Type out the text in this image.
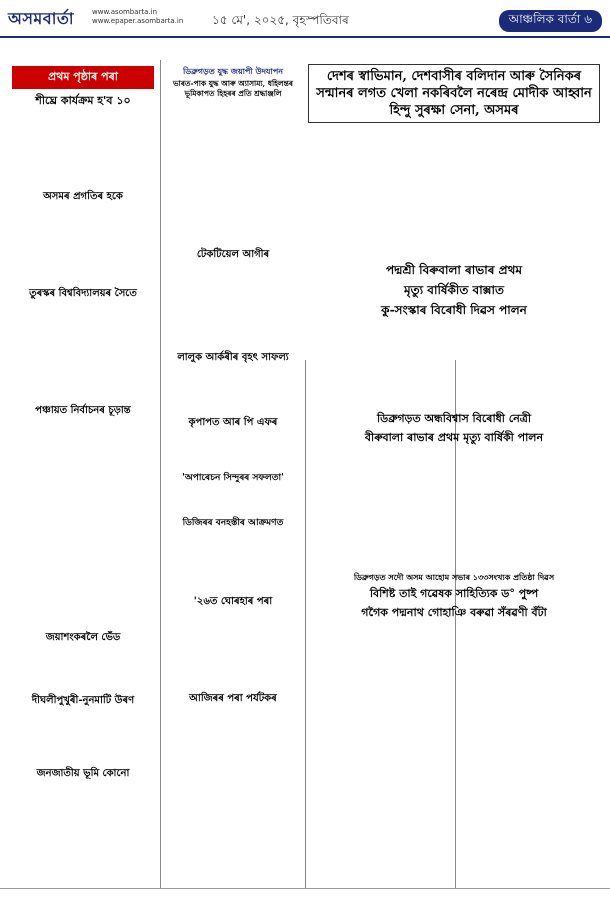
অসমবাৰ্তা	www.asombarta.in
www.epaper.asombarta.in ১৫ মে', ২০২৫, বৃহস্পতিবাৰ	আঞ্চলিক বাৰ্তা ৬
প্ৰথম পৃষ্ঠাৰ পৰা
শীঘ্ৰে কাৰ্যক্ৰম হ'ব ১০
অসমৰ প্ৰগতিৰ হকে
তুৰস্কৰ বিশ্ববিদ্যালয়ৰ সৈতে
পঞ্চায়ত নিৰ্বাচনৰ চূড়ান্ত
জয়াশংকৰলৈ ভেঁড
দীঘলীপুখুৰী-নুনমাটি উৰণ
জনজাতীয় ভূমি কোনো
ডিব্ৰুগড়ত যুদ্ধ জয়াপী উদযাপন
ভাৰত-পাক যুদ্ধ আৰু অ্যাসাম্য, ধহিলন্তৰ ভূমিকাপত হিহৰৰ প্ৰতি শ্ৰদ্ধাঞ্জলি
টেকটিয়েল আগীৰ
লালুক আৰ্কৰীৰ বৃহৎ সাফল্য
কৃপাপত আৰ পি এফৰ
'অপাৰেচন সিন্দুৰৰ সফলতা'
ডিজিৰৰ বনহস্তীৰ আক্ৰমণত
'২৬ত ঘোৰহাৰ পৰা
আজিৰৰ পৰা পৰ্যটকৰ
দেশৰ স্বাভিমান, দেশবাসীৰ বলিদান আৰু সৈনিকৰ সন্মানৰ লগত খেলা নকৰিবলৈ নৰেন্দ্ৰ মোদীক আহ্বান হিন্দু সুৰক্ষা সেনা, অসমৰ
পদ্মশ্ৰী বিৰুবালা ৰাভাৰ প্ৰথম
মৃত্যু বাৰ্ষিকীত বাক্সাত
কু-সংস্কাৰ বিৰোধী দিৱস পালন
ডিব্ৰুগড়ত অন্ধবিশ্বাস বিৰোধী নেত্ৰী
বীৰুবালা ৰাভাৰ প্ৰথম মৃত্যু বাৰ্ষিকী পালন
ডিব্ৰুগড়ত সদৌ অসম আহোম সভাৰ ১৩৩সংখ্যক প্ৰতিষ্ঠা দিৱস
বিশিষ্ট তাই গৱেষক সাহিত্যিক ড° পুষ্প
গগৈক পদ্মনাথ গোহাঞি বৰুৱা সঁৰৱণী বঁটা
